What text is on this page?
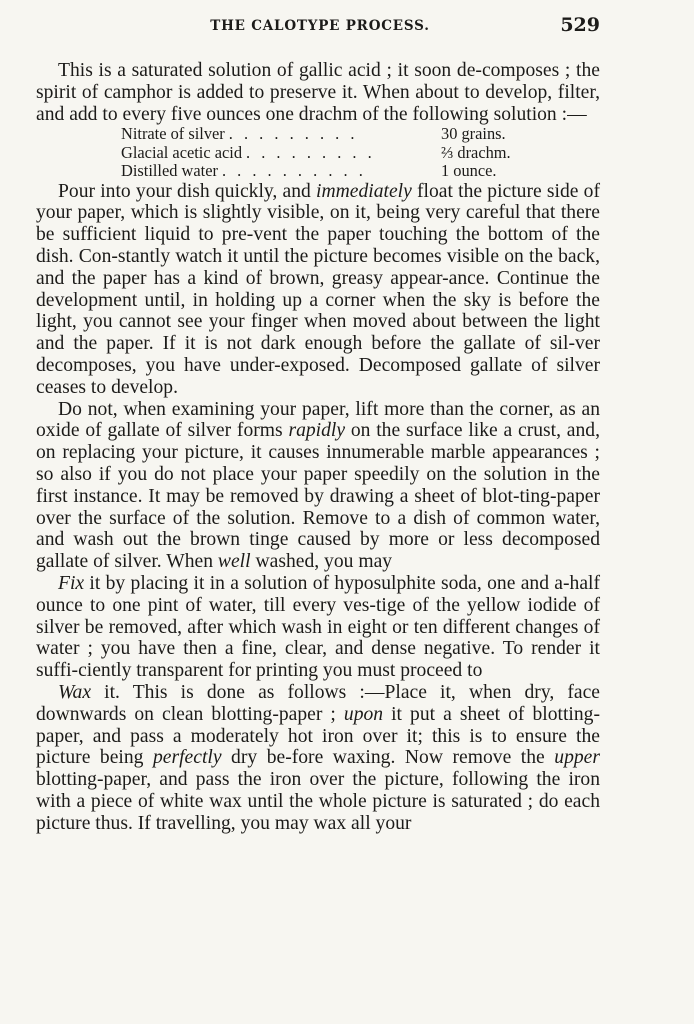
THE CALOTYPE PROCESS.	529

This is a saturated solution of gallic acid ; it soon de-composes ; the spirit of camphor is added to preserve it. When about to develop, filter, and add to every five ounces one drachm of the following solution :—

Nitrate of silver . . . . . . . . .	30 grains.
Glacial acetic acid . . . . . . . . .	⅔ drachm.
Distilled water . . . . . . . . . .	1 ounce.

Pour into your dish quickly, and immediately float the picture side of your paper, which is slightly visible, on it, being very careful that there be sufficient liquid to pre-vent the paper touching the bottom of the dish. Con-stantly watch it until the picture becomes visible on the back, and the paper has a kind of brown, greasy appear-ance. Continue the development until, in holding up a corner when the sky is before the light, you cannot see your finger when moved about between the light and the paper. If it is not dark enough before the gallate of sil-ver decomposes, you have under-exposed. Decomposed gallate of silver ceases to develop.

Do not, when examining your paper, lift more than the corner, as an oxide of gallate of silver forms rapidly on the surface like a crust, and, on replacing your picture, it causes innumerable marble appearances ; so also if you do not place your paper speedily on the solution in the first instance. It may be removed by drawing a sheet of blot-ting-paper over the surface of the solution. Remove to a dish of common water, and wash out the brown tinge caused by more or less decomposed gallate of silver. When well washed, you may

Fix it by placing it in a solution of hyposulphite soda, one and a-half ounce to one pint of water, till every ves-tige of the yellow iodide of silver be removed, after which wash in eight or ten different changes of water ; you have then a fine, clear, and dense negative. To render it suffi-ciently transparent for printing you must proceed to

Wax it. This is done as follows :—Place it, when dry, face downwards on clean blotting-paper ; upon it put a sheet of blotting-paper, and pass a moderately hot iron over it; this is to ensure the picture being perfectly dry be-fore waxing. Now remove the upper blotting-paper, and pass the iron over the picture, following the iron with a piece of white wax until the whole picture is saturated ; do each picture thus. If travelling, you may wax all your
